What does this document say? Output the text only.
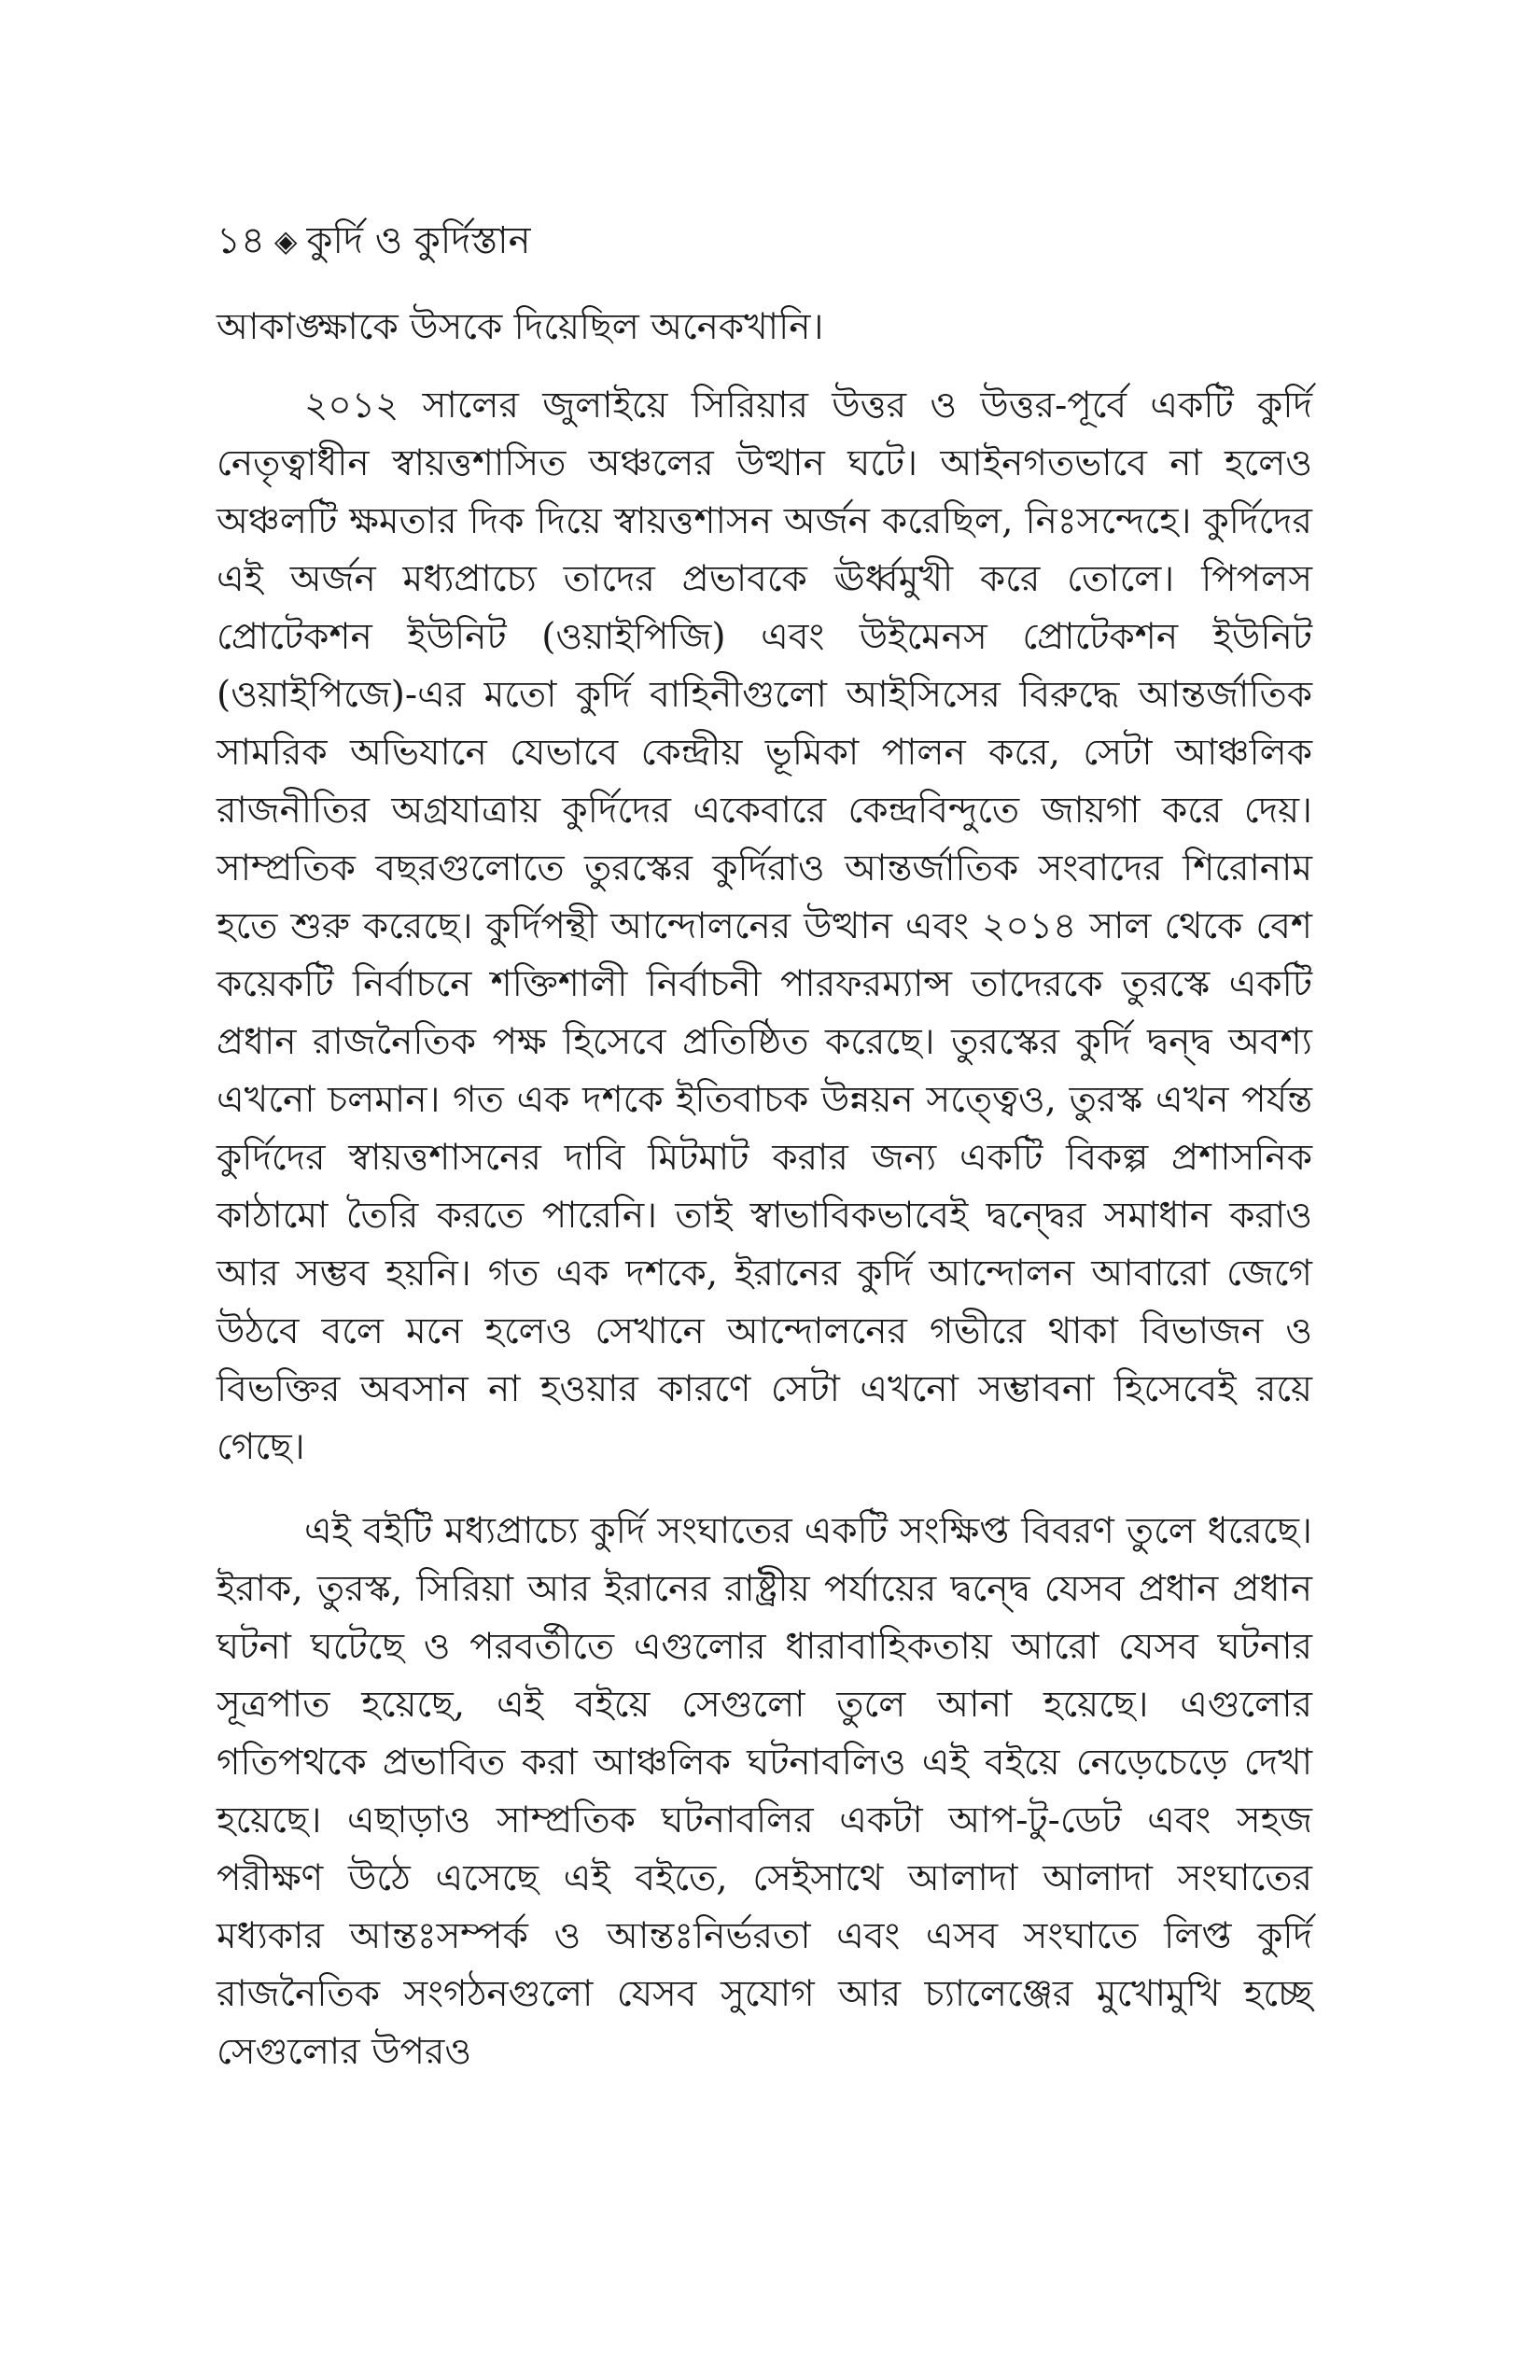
১৪ ◈ কুর্দি ও কুর্দিস্তান

আকাঙ্ক্ষাকে উসকে দিয়েছিল অনেকখানি।

২০১২ সালের জুলাইয়ে সিরিয়ার উত্তর ও উত্তর-পূর্বে একটি কুর্দি নেতৃত্বাধীন স্বায়ত্তশাসিত অঞ্চলের উত্থান ঘটে। আইনগতভাবে না হলেও অঞ্চলটি ক্ষমতার দিক দিয়ে স্বায়ত্তশাসন অর্জন করেছিল, নিঃসন্দেহে। কুর্দিদের এই অর্জন মধ্যপ্রাচ্যে তাদের প্রভাবকে ঊর্ধ্বমুখী করে তোলে। পিপলস প্রোটেকশন ইউনিট (ওয়াইপিজি) এবং উইমেনস প্রোটেকশন ইউনিট (ওয়াইপিজে)-এর মতো কুর্দি বাহিনীগুলো আইসিসের বিরুদ্ধে আন্তর্জাতিক সামরিক অভিযানে যেভাবে কেন্দ্রীয় ভূমিকা পালন করে, সেটা আঞ্চলিক রাজনীতির অগ্রযাত্রায় কুর্দিদের একেবারে কেন্দ্রবিন্দুতে জায়গা করে দেয়। সাম্প্রতিক বছরগুলোতে তুরস্কের কুর্দিরাও আন্তর্জাতিক সংবাদের শিরোনাম হতে শুরু করেছে। কুর্দিপন্থী আন্দোলনের উত্থান এবং ২০১৪ সাল থেকে বেশ কয়েকটি নির্বাচনে শক্তিশালী নির্বাচনী পারফরম্যান্স তাদেরকে তুরস্কে একটি প্রধান রাজনৈতিক পক্ষ হিসেবে প্রতিষ্ঠিত করেছে। তুরস্কের কুর্দি দ্বন্দ্ব অবশ্য এখনো চলমান। গত এক দশকে ইতিবাচক উন্নয়ন সত্ত্বেও, তুরস্ক এখন পর্যন্ত কুর্দিদের স্বায়ত্তশাসনের দাবি মিটমাট করার জন্য একটি বিকল্প প্রশাসনিক কাঠামো তৈরি করতে পারেনি। তাই স্বাভাবিকভাবেই দ্বন্দ্বের সমাধান করাও আর সম্ভব হয়নি। গত এক দশকে, ইরানের কুর্দি আন্দোলন আবারো জেগে উঠবে বলে মনে হলেও সেখানে আন্দোলনের গভীরে থাকা বিভাজন ও বিভক্তির অবসান না হওয়ার কারণে সেটা এখনো সম্ভাবনা হিসেবেই রয়ে গেছে।

এই বইটি মধ্যপ্রাচ্যে কুর্দি সংঘাতের একটি সংক্ষিপ্ত বিবরণ তুলে ধরেছে। ইরাক, তুরস্ক, সিরিয়া আর ইরানের রাষ্ট্রীয় পর্যায়ের দ্বন্দ্বে যেসব প্রধান প্রধান ঘটনা ঘটেছে ও পরবর্তীতে এগুলোর ধারাবাহিকতায় আরো যেসব ঘটনার সূত্রপাত হয়েছে, এই বইয়ে সেগুলো তুলে আনা হয়েছে। এগুলোর গতিপথকে প্রভাবিত করা আঞ্চলিক ঘটনাবলিও এই বইয়ে নেড়েচেড়ে দেখা হয়েছে। এছাড়াও সাম্প্রতিক ঘটনাবলির একটা আপ-টু-ডেট এবং সহজ পরীক্ষণ উঠে এসেছে এই বইতে, সেইসাথে আলাদা আলাদা সংঘাতের মধ্যকার আন্তঃসম্পর্ক ও আন্তঃনির্ভরতা এবং এসব সংঘাতে লিপ্ত কুর্দি রাজনৈতিক সংগঠনগুলো যেসব সুযোগ আর চ্যালেঞ্জের মুখোমুখি হচ্ছে সেগুলোর উপরও
